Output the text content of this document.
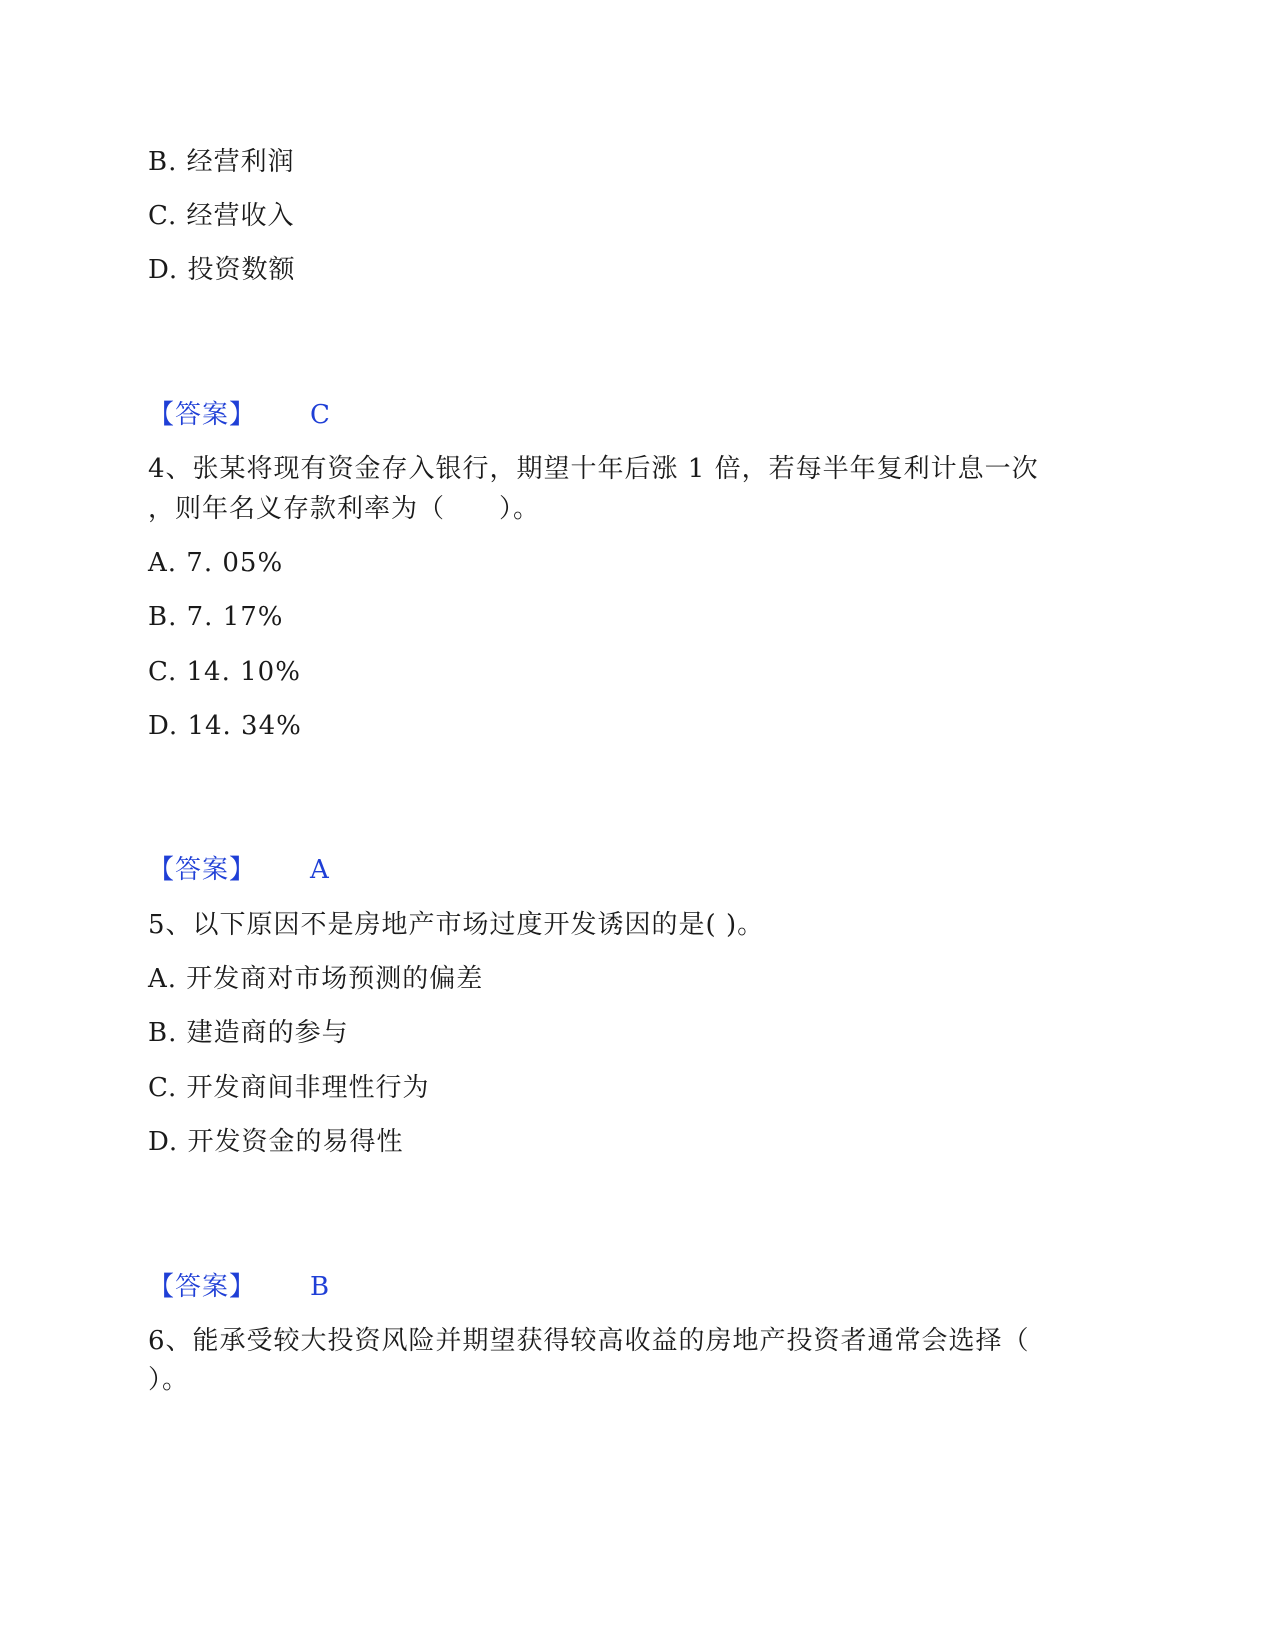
B. 经营利润
C. 经营收入
D. 投资数额
【答案】 C
4、张某将现有资金存入银行，期望十年后涨 1 倍，若每半年复利计息一次
，则年名义存款利率为（　　）。
A. 7. 05%
B. 7. 17%
C. 14. 10%
D. 14. 34%
【答案】 A
5、以下原因不是房地产市场过度开发诱因的是( )。
A. 开发商对市场预测的偏差
B. 建造商的参与
C. 开发商间非理性行为
D. 开发资金的易得性
【答案】 B
6、能承受较大投资风险并期望获得较高收益的房地产投资者通常会选择（
）。
